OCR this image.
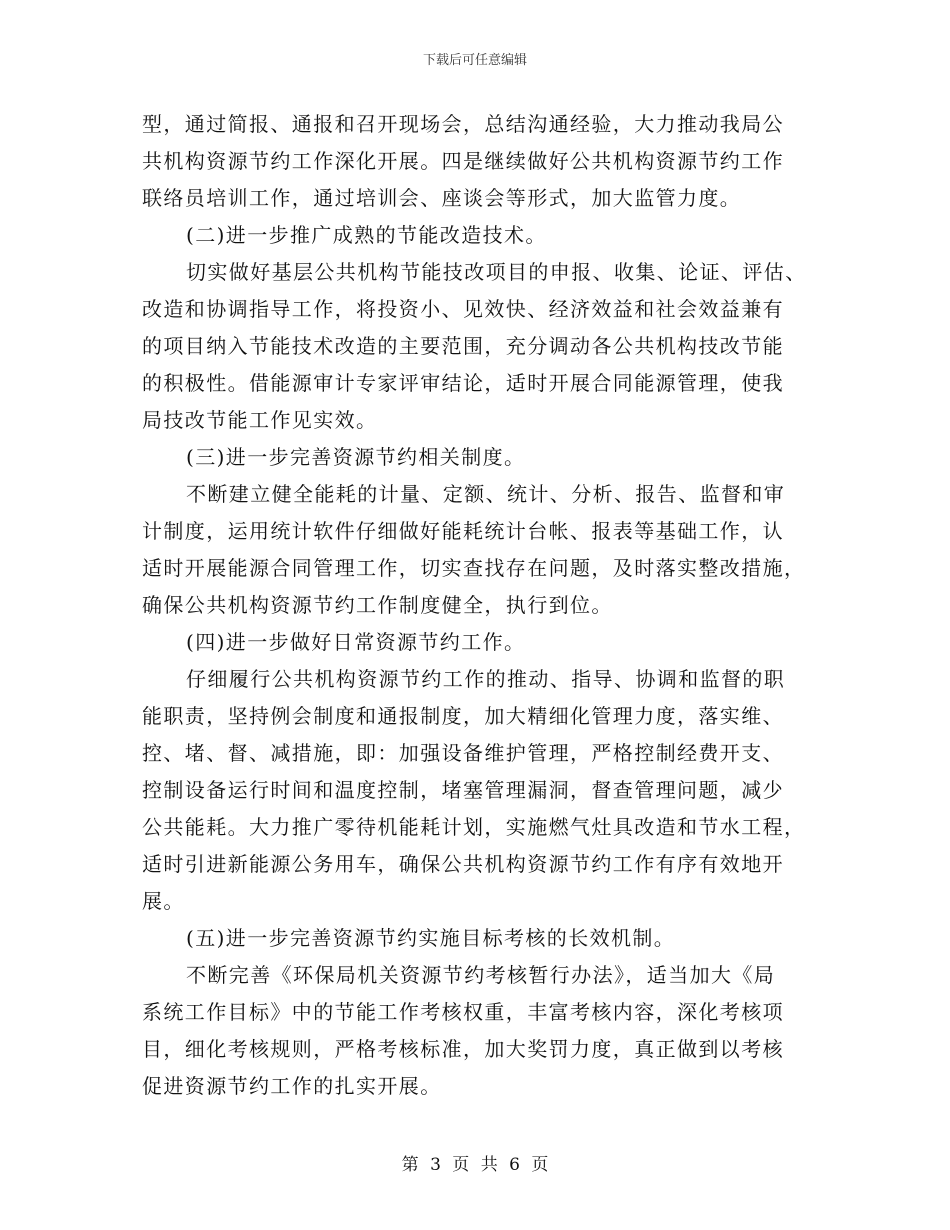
下载后可任意编辑
型，通过简报、通报和召开现场会，总结沟通经验，大力推动我局公
共机构资源节约工作深化开展。四是继续做好公共机构资源节约工作
联络员培训工作，通过培训会、座谈会等形式，加大监管力度。
(二)进一步推广成熟的节能改造技术。
切实做好基层公共机构节能技改项目的申报、收集、论证、评估、
改造和协调指导工作，将投资小、见效快、经济效益和社会效益兼有
的项目纳入节能技术改造的主要范围，充分调动各公共机构技改节能
的积极性。借能源审计专家评审结论，适时开展合同能源管理，使我
局技改节能工作见实效。
(三)进一步完善资源节约相关制度。
不断建立健全能耗的计量、定额、统计、分析、报告、监督和审
计制度，运用统计软件仔细做好能耗统计台帐、报表等基础工作，认
适时开展能源合同管理工作，切实查找存在问题，及时落实整改措施，
确保公共机构资源节约工作制度健全，执行到位。
(四)进一步做好日常资源节约工作。
仔细履行公共机构资源节约工作的推动、指导、协调和监督的职
能职责，坚持例会制度和通报制度，加大精细化管理力度，落实维、
控、堵、督、减措施，即：加强设备维护管理，严格控制经费开支、
控制设备运行时间和温度控制，堵塞管理漏洞，督查管理问题，减少
公共能耗。大力推广零待机能耗计划，实施燃气灶具改造和节水工程，
适时引进新能源公务用车，确保公共机构资源节约工作有序有效地开
展。
(五)进一步完善资源节约实施目标考核的长效机制。
不断完善《环保局机关资源节约考核暂行办法》，适当加大《局
系统工作目标》中的节能工作考核权重，丰富考核内容，深化考核项
目，细化考核规则，严格考核标准，加大奖罚力度，真正做到以考核
促进资源节约工作的扎实开展。
第 3 页 共 6 页
